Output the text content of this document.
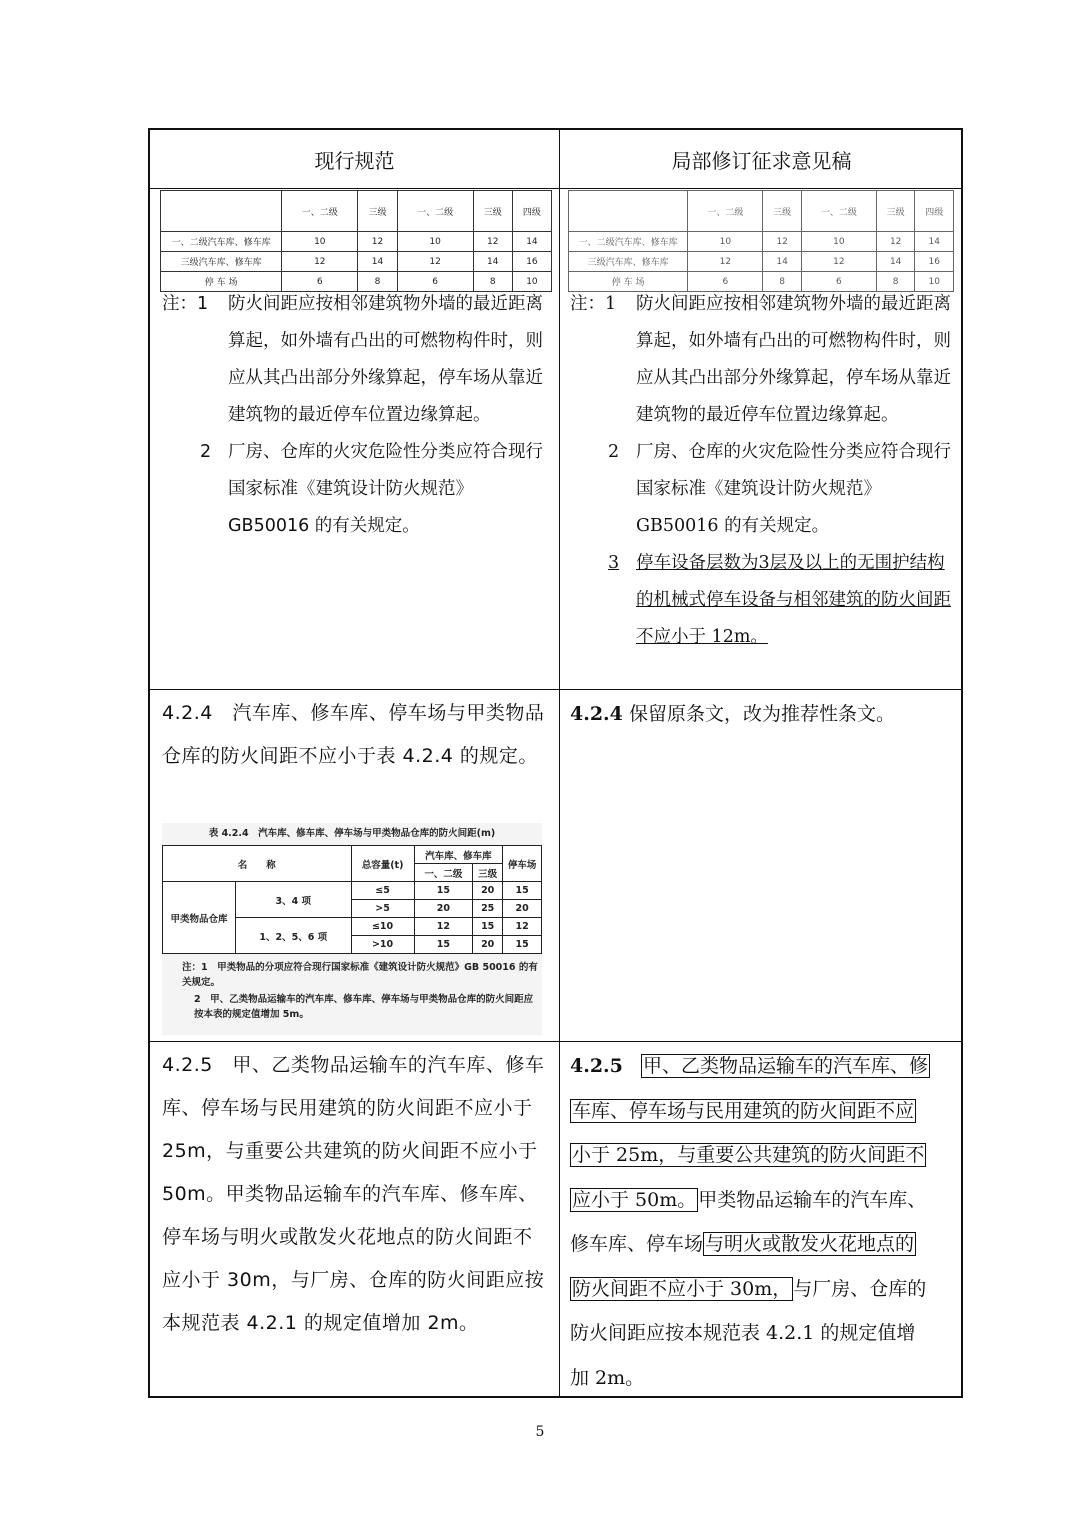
现行规范	局部修订征求意见稿
	一、二级	三级	一、二级	三级	四级
一、二级汽车库、修车库	10	12	10	12	14
三级汽车库、修车库	12	14	12	14	16
停 车 场	6	8	6	8	10
	一、二级	三级	一、二级	三级	四级
一、二级汽车库、修车库	10	12	10	12	14
三级汽车库、修车库	12	14	12	14	16
停 车 场	6	8	6	8	10
注：1	防火间距应按相邻建筑物外墙的最近距离算起，如外墙有凸出的可燃物构件时，则应从其凸出部分外缘算起，停车场从靠近建筑物的最近停车位置边缘算起。
2 厂房、仓库的火灾危险性分类应符合现行国家标准《建筑设计防火规范》GB50016 的有关规定。
注：1	防火间距应按相邻建筑物外墙的最近距离算起，如外墙有凸出的可燃物构件时，则应从其凸出部分外缘算起，停车场从靠近建筑物的最近停车位置边缘算起。
2 厂房、仓库的火灾危险性分类应符合现行国家标准《建筑设计防火规范》GB50016 的有关规定。
3 停车设备层数为3层及以上的无围护结构的机械式停车设备与相邻建筑的防火间距不应小于 12m。
4.2.4　汽车库、修车库、停车场与甲类物品仓库的防火间距不应小于表 4.2.4 的规定。
4.2.4 保留原条文，改为推荐性条文。
表 4.2.4　汽车库、修车库、停车场与甲类物品仓库的防火间距(m)
名　　称		总容量(t)	汽车库、修车库		停车场
			一、二级	三级	
甲类物品仓库	3、4 项	≤5	15	20	15
		>5	20	25	20
	1、2、5、6 项	≤10	12	15	12
		>10	15	20	15
注：1　甲类物品的分项应符合现行国家标准《建筑设计防火规范》GB 50016 的有关规定。
2　甲、乙类物品运输车的汽车库、修车库、停车场与甲类物品仓库的防火间距应按本表的规定值增加 5m。
4.2.5　甲、乙类物品运输车的汽车库、修车库、停车场与民用建筑的防火间距不应小于 25m，与重要公共建筑的防火间距不应小于 50m。甲类物品运输车的汽车库、修车库、停车场与明火或散发火花地点的防火间距不应小于 30m，与厂房、仓库的防火间距应按本规范表 4.2.1 的规定值增加 2m。
4.2.5 甲、乙类物品运输车的汽车库、修
车库、停车场与民用建筑的防火间距不应
小于 25m，与重要公共建筑的防火间距不
应小于 50m。 甲类物品运输车的汽车库、
修车库、停车场 与明火或散发火花地点的
防火间距不应小于 30m， 与厂房、仓库的
防火间距应按本规范表 4.2.1 的规定值增
加 2m。
5
